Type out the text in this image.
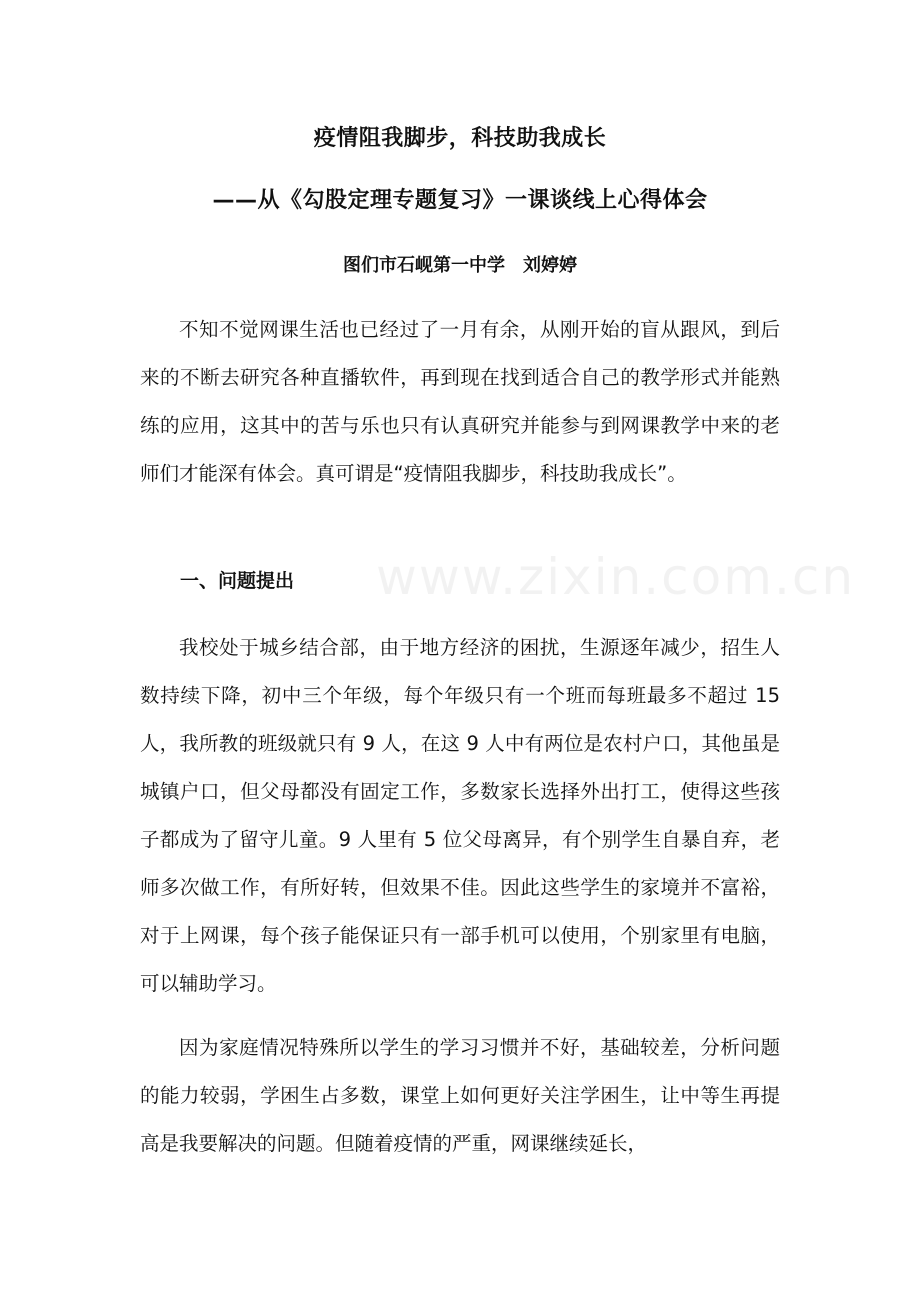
www.zixin.com.cn
疫情阻我脚步，科技助我成长
——从《勾股定理专题复习》一课谈线上心得体会
图们市石岘第一中学　刘婷婷

不知不觉网课生活也已经过了一月有余，从刚开始的盲从跟风，到后来的不断去研究各种直播软件，再到现在找到适合自己的教学形式并能熟练的应用，这其中的苦与乐也只有认真研究并能参与到网课教学中来的老师们才能深有体会。真可谓是“疫情阻我脚步，科技助我成长”。

一、问题提出

我校处于城乡结合部，由于地方经济的困扰，生源逐年减少，招生人数持续下降，初中三个年级，每个年级只有一个班而每班最多不超过 15 人，我所教的班级就只有 9 人，在这 9 人中有两位是农村户口，其他虽是城镇户口，但父母都没有固定工作，多数家长选择外出打工，使得这些孩子都成为了留守儿童。9 人里有 5 位父母离异，有个别学生自暴自弃，老师多次做工作，有所好转，但效果不佳。因此这些学生的家境并不富裕，对于上网课，每个孩子能保证只有一部手机可以使用，个别家里有电脑，可以辅助学习。

因为家庭情况特殊所以学生的学习习惯并不好，基础较差，分析问题的能力较弱，学困生占多数，课堂上如何更好关注学困生，让中等生再提高是我要解决的问题。但随着疫情的严重，网课继续延长，
